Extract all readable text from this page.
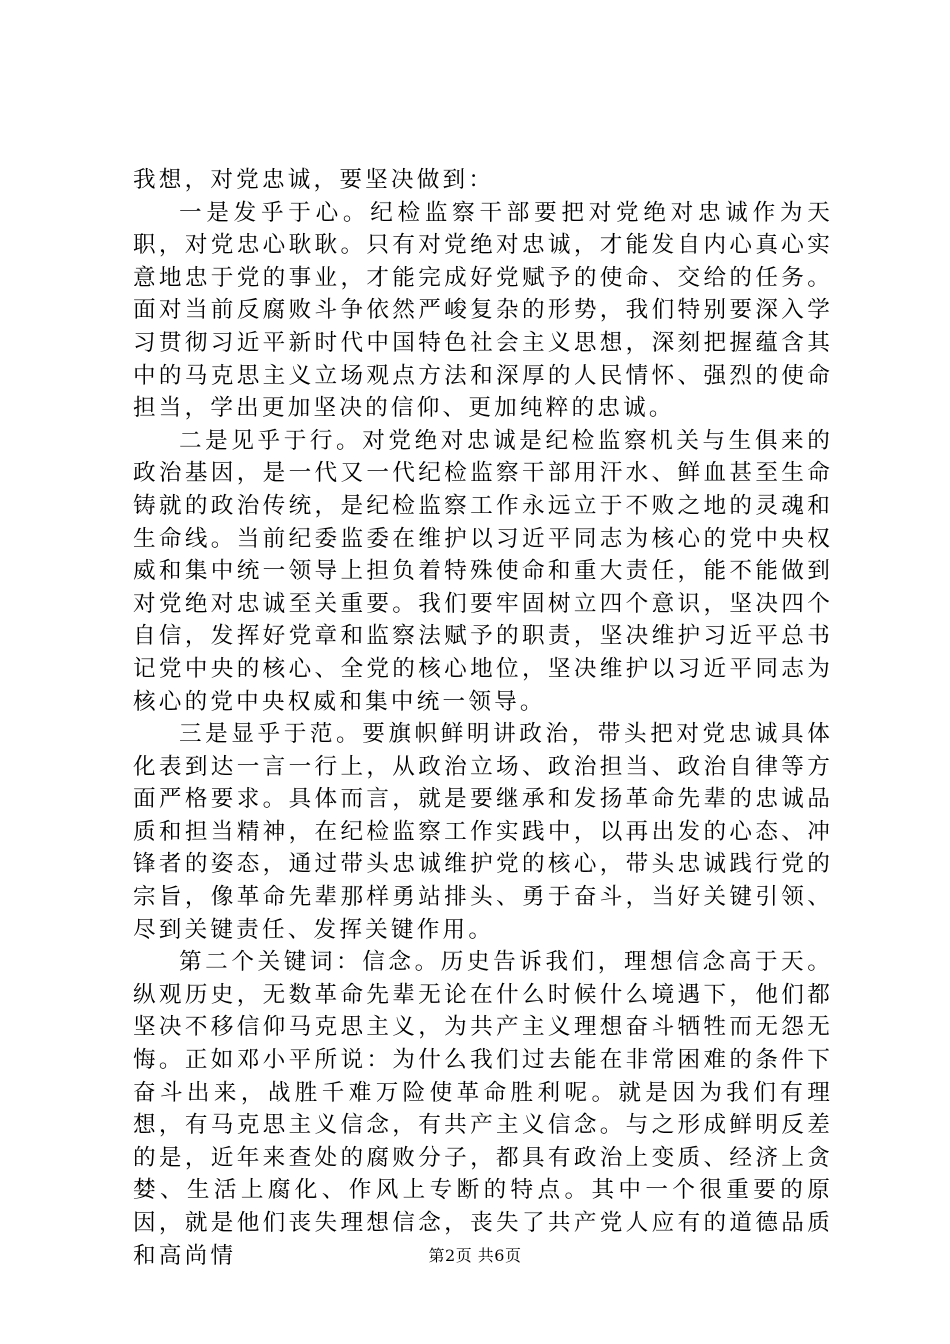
我想，对党忠诚，要坚决做到：

一是发乎于心。纪检监察干部要把对党绝对忠诚作为天职，对党忠心耿耿。只有对党绝对忠诚，才能发自内心真心实意地忠于党的事业，才能完成好党赋予的使命、交给的任务。面对当前反腐败斗争依然严峻复杂的形势，我们特别要深入学习贯彻习近平新时代中国特色社会主义思想，深刻把握蕴含其中的马克思主义立场观点方法和深厚的人民情怀、强烈的使命担当，学出更加坚决的信仰、更加纯粹的忠诚。

二是见乎于行。对党绝对忠诚是纪检监察机关与生俱来的政治基因，是一代又一代纪检监察干部用汗水、鲜血甚至生命铸就的政治传统，是纪检监察工作永远立于不败之地的灵魂和生命线。当前纪委监委在维护以习近平同志为核心的党中央权威和集中统一领导上担负着特殊使命和重大责任，能不能做到对党绝对忠诚至关重要。我们要牢固树立四个意识，坚决四个自信，发挥好党章和监察法赋予的职责，坚决维护习近平总书记党中央的核心、全党的核心地位，坚决维护以习近平同志为核心的党中央权威和集中统一领导。

三是显乎于范。要旗帜鲜明讲政治，带头把对党忠诚具体化表到达一言一行上，从政治立场、政治担当、政治自律等方面严格要求。具体而言，就是要继承和发扬革命先辈的忠诚品质和担当精神，在纪检监察工作实践中，以再出发的心态、冲锋者的姿态，通过带头忠诚维护党的核心，带头忠诚践行党的宗旨，像革命先辈那样勇站排头、勇于奋斗，当好关键引领、尽到关键责任、发挥关键作用。

第二个关键词：信念。历史告诉我们，理想信念高于天。纵观历史，无数革命先辈无论在什么时候什么境遇下，他们都坚决不移信仰马克思主义，为共产主义理想奋斗牺牲而无怨无悔。正如邓小平所说：为什么我们过去能在非常困难的条件下奋斗出来，战胜千难万险使革命胜利呢。就是因为我们有理想，有马克思主义信念，有共产主义信念。与之形成鲜明反差的是，近年来查处的腐败分子，都具有政治上变质、经济上贪婪、生活上腐化、作风上专断的特点。其中一个很重要的原因，就是他们丧失理想信念，丧失了共产党人应有的道德品质和高尚情	第2页 共6页
